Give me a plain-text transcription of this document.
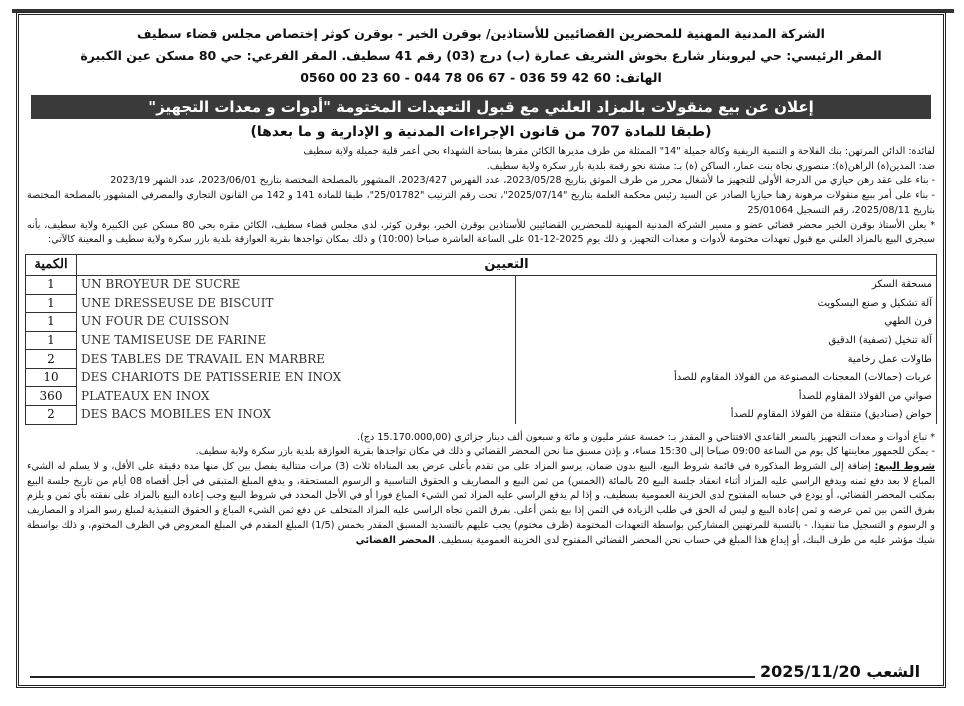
الشركة المدنية المهنية للمحضرين القضائيين للأستاذين/ بوقرن الخير - بوقرن كوثر إختصاص مجلس قضاء سطيف
المقر الرئيسي: حي ليروبنار شارع بخوش الشريف عمارة (ب) درج (03) رقم 41 سطيف. المقر الفرعي: حي 80 مسكن عين الكبيرة
الهاتف: 60 42 59 036 - 67 06 78 044 - 60 23 00 0560
إعلان عن بيع منقولات بالمزاد العلني مع قبول التعهدات المختومة "أدوات و معدات التجهيز"
(طبقا للمادة 707 من قانون الإجراءات المدنية و الإدارية و ما بعدها)

لفائدة: الدائن المرتهن: بنك الفلاحة و التنمية الريفية وكالة جميلة "14" الممثلة من طرف مديرها الكائن مقرها بساحة الشهداء بحي أعمر قلية جميلة ولاية سطيف

ضد: المدين(ة) الراهن(ة): منصوري نجاة بنت عمار، الساكن (ة) بـ: مشتة نحو رقمة بلدية بازر سكرة ولاية سطيف.

- بناء على عقد رهن حيازي من الدرجة الأولى للتجهيز ما لأشغال محرر من طرف الموثق بتاريخ 2023/05/28، عدد الفهرس 2023/427، المشهور بالمصلحة المختصة بتاريخ 2023/06/01، عدد الشهر 2023/19

- بناء على أمر ببيع منقولات مرهونة رهنا حيازيا الصادر عن السيد رئيس محكمة العلمة بتاريخ "2025/07/14"، تحت رقم الترتيب "25/01782"، طبقا للمادة 141 و 142 من القانون التجاري والمصرفي المشهور بالمصلحة المختصة بتاريخ 2025/08/11، رقم التسجيل 25/01064

* يعلن الأستاذ بوقرن الخير محضر قضائي عضو و مسير الشركة المدنية المهنية للمحضرين القضائيين للأستاذين بوقرن الخير، بوقرن كوثر، لدى مجلس قضاء سطيف، الكائن مقره بحي 80 مسكن عين الكبيرة ولاية سطيف، بأنه سيجري البيع بالمزاد العلني مع قبول تعهدات مختومة لأدوات و معدات التجهيز، و ذلك يوم 2025-12-01 على الساعة العاشرة صباحا (10:00) و ذلك بمكان تواجدها بقرية العوازقة بلدية بازر سكرة ولاية سطيف و المعينة كالآتي:

الكمية	التعيين	
1	UN BROYEUR DE SUCRE	مسحقة السكر
1	UNE DRESSEUSE DE BISCUIT	آلة تشكيل و صنع البسكويت
1	UN FOUR DE CUISSON	فرن الطهي
1	UNE TAMISEUSE DE FARINE	آلة تنخيل (تصفية) الدقيق
2	DES TABLES DE TRAVAIL EN MARBRE	طاولات عمل رخامية
10	DES CHARIOTS DE PATISSERIE EN INOX	عربات (حمالات) المعجنات المصنوعة من الفولاذ المقاوم للصدأ
360	PLATEAUX EN INOX	صواني من الفولاذ المقاوم للصدأ
2	DES BACS MOBILES EN INOX	حواض (صناديق) متنقلة من الفولاذ المقاوم للصدأ

* تباع أدوات و معدات التجهيز بالسعر القاعدي الافتتاحي و المقدر بـ: خمسة عشر مليون و مائة و سبعون ألف دينار جزائري (15.170.000,00 دج).

- يمكن للجمهور معاينتها كل يوم من الساعة 09:00 صباحا إلى 15:30 مساء، و بإذن مسبق منا نحن المحضر القضائي و ذلك في مكان تواجدها بقرية العوازقة بلدية بازر سكرة ولاية سطيف.

شروط البيع: إضافة إلى الشروط المذكورة في قائمة شروط البيع، البيع بدون ضمان، يرسو المزاد على من تقدم بأعلى عرض بعد المناداة ثلاث (3) مرات متتالية يفصل بين كل منها مدة دقيقة على الأقل، و لا يسلم له الشيء المباع لا بعد دفع ثمنه ويدفع الراسي عليه المزاد أثناء انعقاد جلسة البيع 20 بالمائة (الخمس) من ثمن البيع و المصاريف و الحقوق التناسبية و الرسوم المستحقة، و يدفع المبلغ المتبقي في أجل أقصاه 08 أيام من تاريخ جلسة البيع بمكتب المحضر القضائي، أو يودع في حسابه المفتوح لدى الخزينة العمومية بسطيف، و إذا لم يدفع الراسي عليه المزاد ثمن الشيء المباع فورا أو في الأجل المحدد في شروط البيع وجب إعادة البيع بالمزاد على نفقته بأي ثمن و يلزم بفرق الثمن بين ثمن عرضه و ثمن إعادة البيع و ليس له الحق في طلب الزيادة في الثمن إذا بيع بثمن أعلى. بفرق الثمن تجاه الراسي عليه المزاد المتخلف عن دفع ثمن الشيء المباع و الحقوق التنفيذية لمبلغ رسو المزاد و المصاريف و الرسوم و التسجيل منا تنفيذا. - بالنسبة للمرتهنين المشاركين بواسطة التعهدات المختومة (ظرف مختوم) يجب عليهم بالتسديد المسبق المقدر بخمس (1/5) المبلغ المقدم في المبلغ المعروض في الظرف المختوم، و ذلك بواسطة شيك مؤشر عليه من طرف البنك، أو إيداع هذا المبلغ في حساب نحن المحضر القضائي المفتوح لدى الخزينة العمومية بسطيف. المحضر القضائي

الشعب 2025/11/20
